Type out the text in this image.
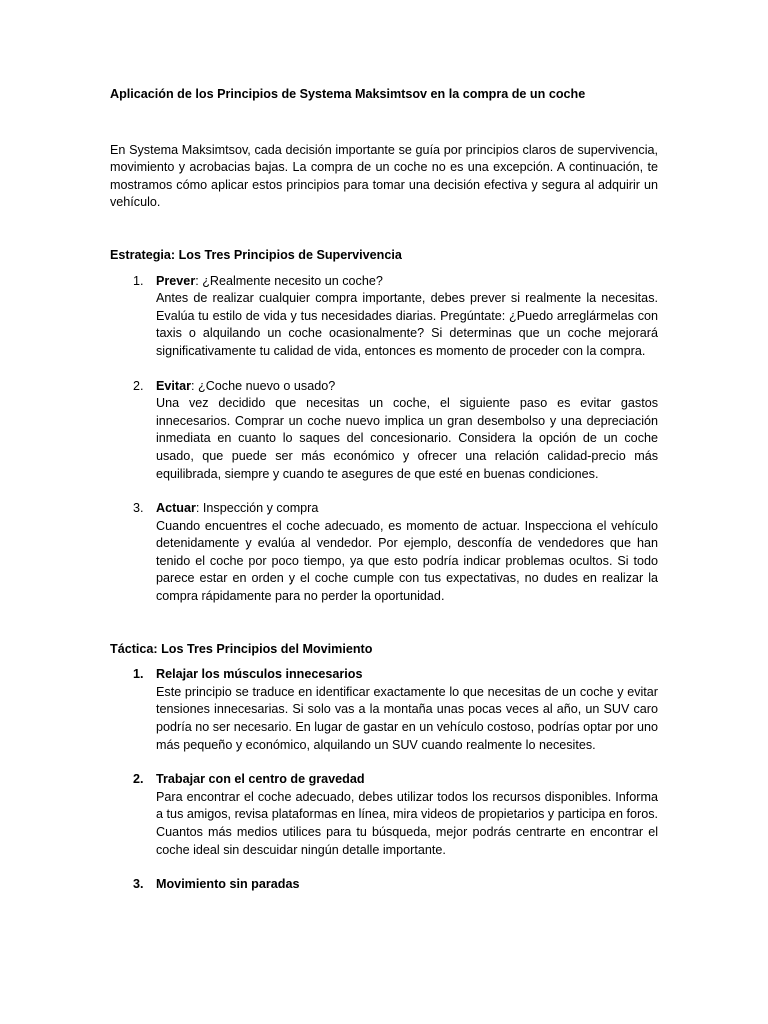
Aplicación de los Principios de Systema Maksimtsov en la compra de un coche

En Systema Maksimtsov, cada decisión importante se guía por principios claros de supervivencia, movimiento y acrobacias bajas. La compra de un coche no es una excepción. A continuación, te mostramos cómo aplicar estos principios para tomar una decisión efectiva y segura al adquirir un vehículo.

Estrategia: Los Tres Principios de Supervivencia

1. Prever: ¿Realmente necesito un coche?
Antes de realizar cualquier compra importante, debes prever si realmente la necesitas. Evalúa tu estilo de vida y tus necesidades diarias. Pregúntate: ¿Puedo arreglármelas con taxis o alquilando un coche ocasionalmente? Si determinas que un coche mejorará significativamente tu calidad de vida, entonces es momento de proceder con la compra.
2. Evitar: ¿Coche nuevo o usado?
Una vez decidido que necesitas un coche, el siguiente paso es evitar gastos innecesarios. Comprar un coche nuevo implica un gran desembolso y una depreciación inmediata en cuanto lo saques del concesionario. Considera la opción de un coche usado, que puede ser más económico y ofrecer una relación calidad-precio más equilibrada, siempre y cuando te asegures de que esté en buenas condiciones.
3. Actuar: Inspección y compra
Cuando encuentres el coche adecuado, es momento de actuar. Inspecciona el vehículo detenidamente y evalúa al vendedor. Por ejemplo, desconfía de vendedores que han tenido el coche por poco tiempo, ya que esto podría indicar problemas ocultos. Si todo parece estar en orden y el coche cumple con tus expectativas, no dudes en realizar la compra rápidamente para no perder la oportunidad.

Táctica: Los Tres Principios del Movimiento

1. Relajar los músculos innecesarios
Este principio se traduce en identificar exactamente lo que necesitas de un coche y evitar tensiones innecesarias. Si solo vas a la montaña unas pocas veces al año, un SUV caro podría no ser necesario. En lugar de gastar en un vehículo costoso, podrías optar por uno más pequeño y económico, alquilando un SUV cuando realmente lo necesites.
2. Trabajar con el centro de gravedad
Para encontrar el coche adecuado, debes utilizar todos los recursos disponibles. Informa a tus amigos, revisa plataformas en línea, mira videos de propietarios y participa en foros. Cuantos más medios utilices para tu búsqueda, mejor podrás centrarte en encontrar el coche ideal sin descuidar ningún detalle importante.
3. Movimiento sin paradas
